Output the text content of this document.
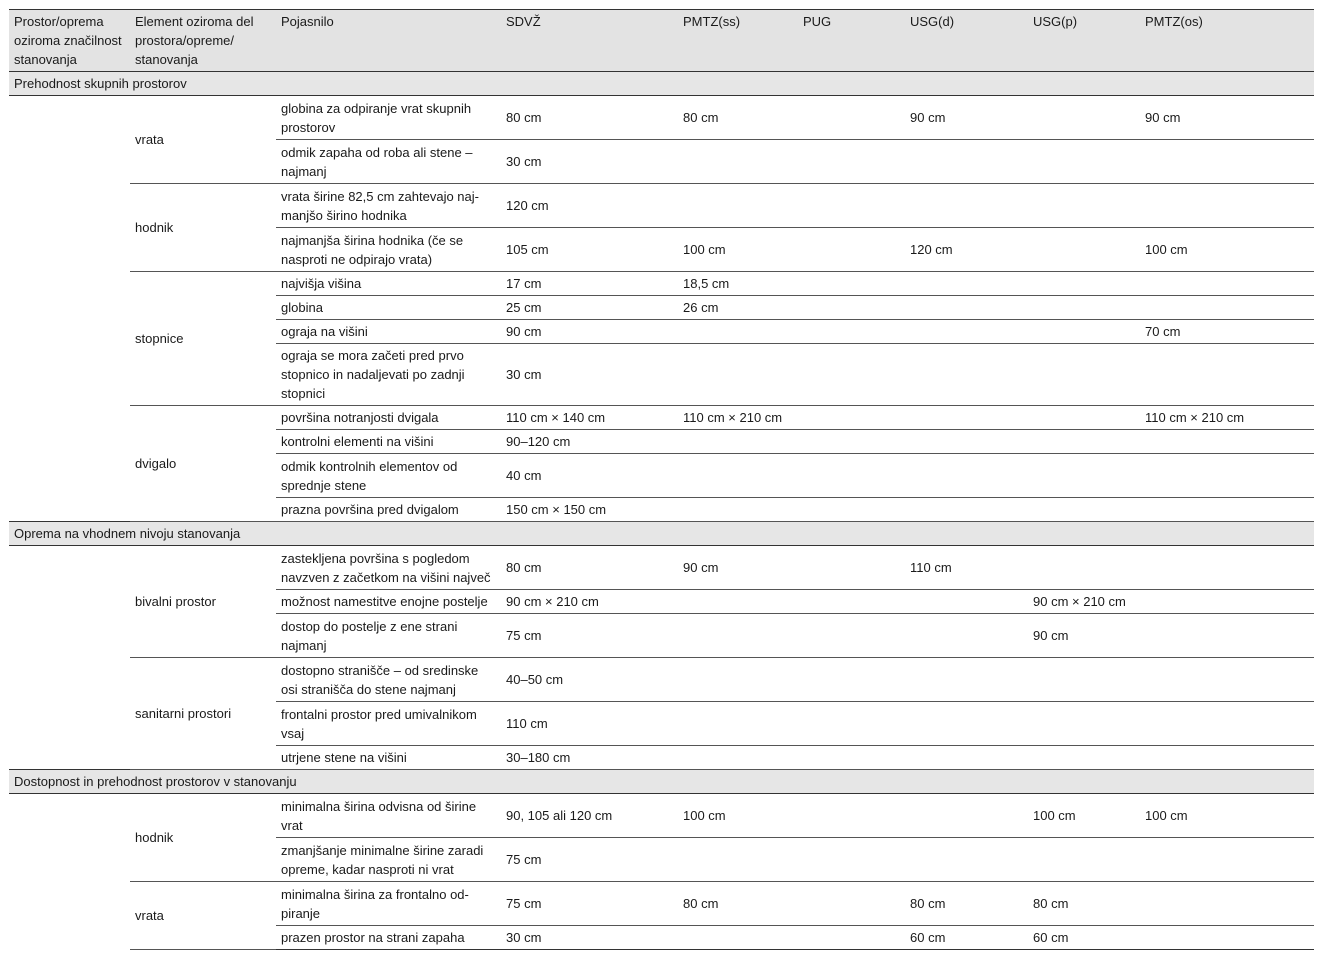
Prostor/oprema oziroma značilnost stanovanja	Element oziroma del prostora/opreme/ stanovanja	Pojasnilo	SDVŽ	PMTZ(ss)	PUG	USG(d)	USG(p)	PMTZ(os)
Prehodnost skupnih prostorov								
	vrata	globina za odpiranje vrat skupnih prostorov	80 cm	80 cm		90 cm		90 cm
		odmik zapaha od roba ali stene – najmanj	30 cm					
	hodnik	vrata širine 82,5 cm zahtevajo naj-manjšo širino hodnika	120 cm					
		najmanjša širina hodnika (če se nasproti ne odpirajo vrata)	105 cm	100 cm		120 cm		100 cm
	stopnice	najvišja višina	17 cm	18,5 cm				
		globina	25 cm	26 cm				
		ograja na višini	90 cm					70 cm
		ograja se mora začeti pred prvo stopnico in nadaljevati po zadnji stopnici	30 cm					
	dvigalo	površina notranjosti dvigala	110 cm × 140 cm	110 cm × 210 cm				110 cm × 210 cm
		kontrolni elementi na višini	90–120 cm					
		odmik kontrolnih elementov od sprednje stene	40 cm					
		prazna površina pred dvigalom	150 cm × 150 cm					
Oprema na vhodnem nivoju stanovanja								
	bivalni prostor	zastekljena površina s pogledom navzven z začetkom na višini največ	80 cm	90 cm		110 cm		
		možnost namestitve enojne postelje	90 cm × 210 cm				90 cm × 210 cm	
		dostop do postelje z ene strani najmanj	75 cm				90 cm	
	sanitarni prostori	dostopno stranišče – od sredinske osi stranišča do stene najmanj	40–50 cm					
		frontalni prostor pred umivalnikom vsaj	110 cm					
		utrjene stene na višini	30–180 cm					
Dostopnost in prehodnost prostorov v stanovanju								
	hodnik	minimalna širina odvisna od širine vrat	90, 105 ali 120 cm	100 cm			100 cm	100 cm
		zmanjšanje minimalne širine zaradi opreme, kadar nasproti ni vrat	75 cm					
	vrata	minimalna širina za frontalno od-piranje	75 cm	80 cm		80 cm	80 cm	
		prazen prostor na strani zapaha	30 cm			60 cm	60 cm	
